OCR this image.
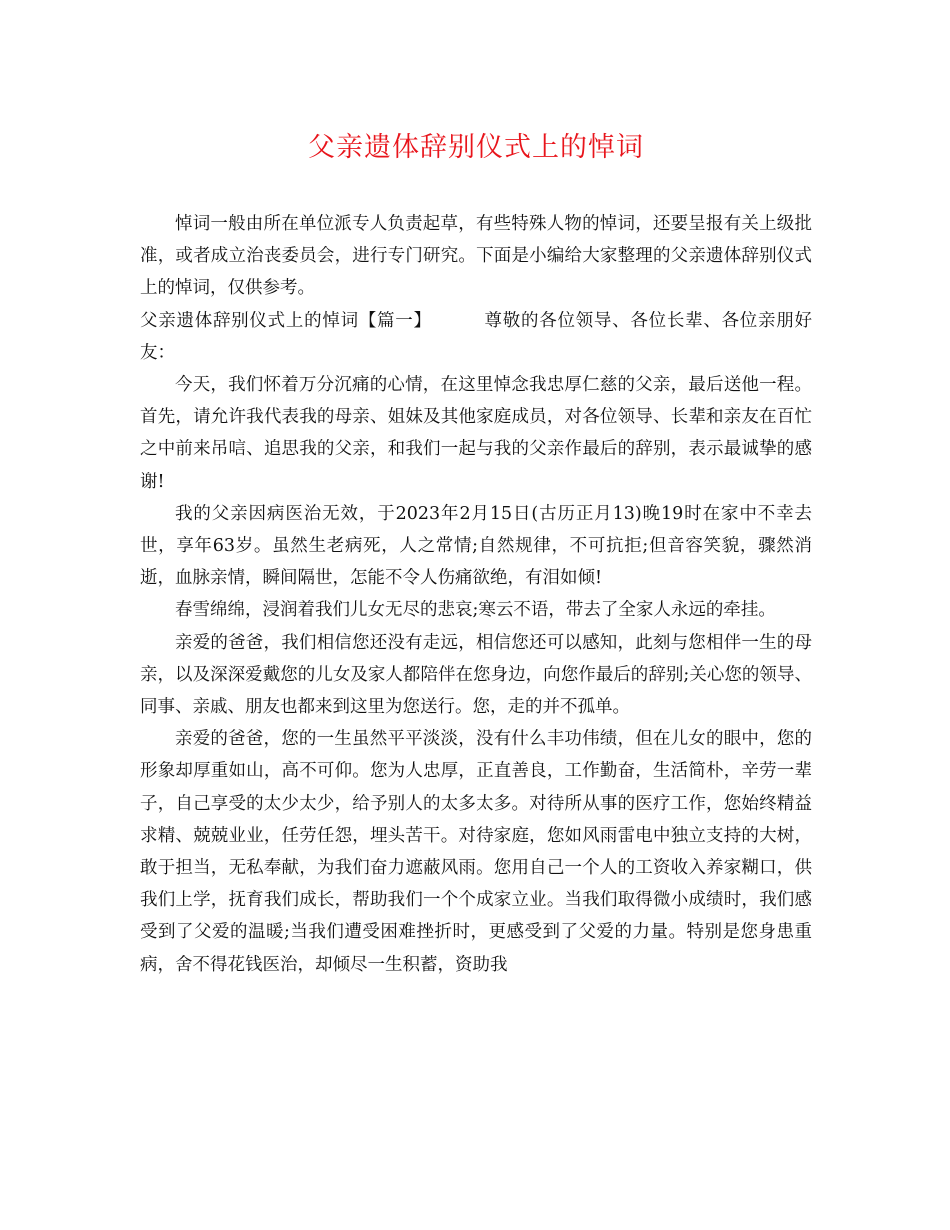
父亲遗体辞别仪式上的悼词

悼词一般由所在单位派专人负责起草，有些特殊人物的悼词，还要呈报有关上级批准，或者成立治丧委员会，进行专门研究。下面是小编给大家整理的父亲遗体辞别仪式上的悼词，仅供参考。

父亲遗体辞别仪式上的悼词【篇一】	尊敬的各位领导、各位长辈、各位亲朋好友：

今天，我们怀着万分沉痛的心情，在这里悼念我忠厚仁慈的父亲，最后送他一程。首先，请允许我代表我的母亲、姐妹及其他家庭成员，对各位领导、长辈和亲友在百忙之中前来吊唁、追思我的父亲，和我们一起与我的父亲作最后的辞别，表示最诚挚的感谢!

我的父亲因病医治无效，于2023年2月15日(古历正月13)晚19时在家中不幸去世，享年63岁。虽然生老病死，人之常情;自然规律，不可抗拒;但音容笑貌，骤然消逝，血脉亲情，瞬间隔世，怎能不令人伤痛欲绝，有泪如倾!

春雪绵绵，浸润着我们儿女无尽的悲哀;寒云不语，带去了全家人永远的牵挂。

亲爱的爸爸，我们相信您还没有走远，相信您还可以感知，此刻与您相伴一生的母亲，以及深深爱戴您的儿女及家人都陪伴在您身边，向您作最后的辞别;关心您的领导、同事、亲戚、朋友也都来到这里为您送行。您，走的并不孤单。

亲爱的爸爸，您的一生虽然平平淡淡，没有什么丰功伟绩，但在儿女的眼中，您的形象却厚重如山，高不可仰。您为人忠厚，正直善良，工作勤奋，生活简朴，辛劳一辈子，自己享受的太少太少，给予别人的太多太多。对待所从事的医疗工作，您始终精益求精、兢兢业业，任劳任怨，埋头苦干。对待家庭，您如风雨雷电中独立支持的大树，敢于担当，无私奉献，为我们奋力遮蔽风雨。您用自己一个人的工资收入养家糊口，供我们上学，抚育我们成长，帮助我们一个个成家立业。当我们取得微小成绩时，我们感受到了父爱的温暖;当我们遭受困难挫折时，更感受到了父爱的力量。特别是您身患重病，舍不得花钱医治，却倾尽一生积蓄，资助我
